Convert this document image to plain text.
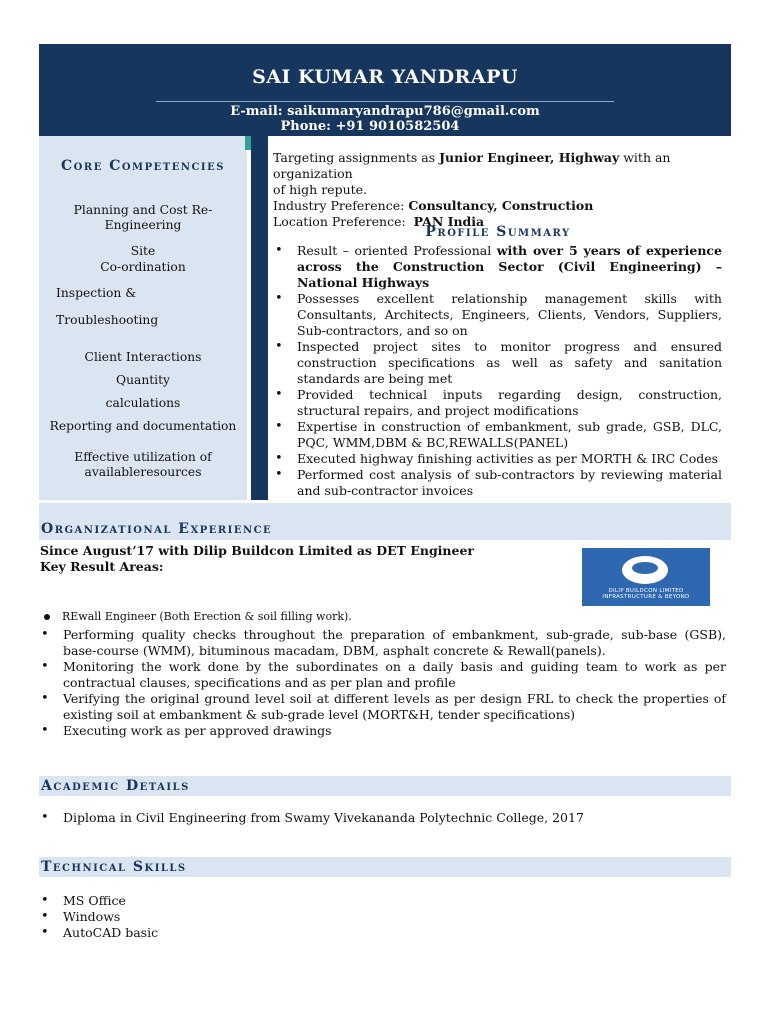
SAI KUMAR YANDRAPU
E-mail: saikumaryandrapu786@gmail.com
Phone: +91 9010582504
Core Competencies
Planning and Cost Re-
Engineering
Site
Co-ordination
Inspection &
Troubleshooting
Client Interactions
Quantity
calculations
Reporting and documentation
Effective utilization of
availableresources

Targeting assignments as Junior Engineer, Highway with an organization

of high repute.

Industry Preference: Consultancy, Construction

Location Preference:  PAN India

Profile Summary
• Result – oriented Professional with over 5 years of experience across the Construction Sector (Civil Engineering) – National Highways
• Possesses excellent relationship management skills with Consultants, Architects, Engineers, Clients, Vendors, Suppliers, Sub-contractors, and so on
• Inspected project sites to monitor progress and ensured construction specifications as well as safety and sanitation standards are being met
• Provided technical inputs regarding design, construction, structural repairs, and project modifications
• Expertise in construction of embankment, sub grade, GSB, DLC, PQC, WMM,DBM & BC,REWALLS(PANEL)
• Executed highway finishing activities as per MORTH & IRC Codes
• Performed cost analysis of sub-contractors by reviewing material and sub-contractor invoices
Organizational Experience
Since August’17 with Dilip Buildcon Limited as DET Engineer
Key Result Areas:
DILIP BUILDCON LIMITED
INFRASTRUCTURE & BEYOND
REwall Engineer (Both Erection & soil filling work).
• Performing quality checks throughout the preparation of embankment, sub-grade, sub-base (GSB), base-course (WMM), bituminous macadam, DBM, asphalt concrete & Rewall(panels).
• Monitoring the work done by the subordinates on a daily basis and guiding team to work as per contractual clauses, specifications and as per plan and profile
• Verifying the original ground level soil at different levels as per design FRL to check the properties of existing soil at embankment & sub-grade level (MORT&H, tender specifications)
• Executing work as per approved drawings
Academic Details
• Diploma in Civil Engineering from Swamy Vivekananda Polytechnic College, 2017
Technical Skills
• MS Office
• Windows
• AutoCAD basic
